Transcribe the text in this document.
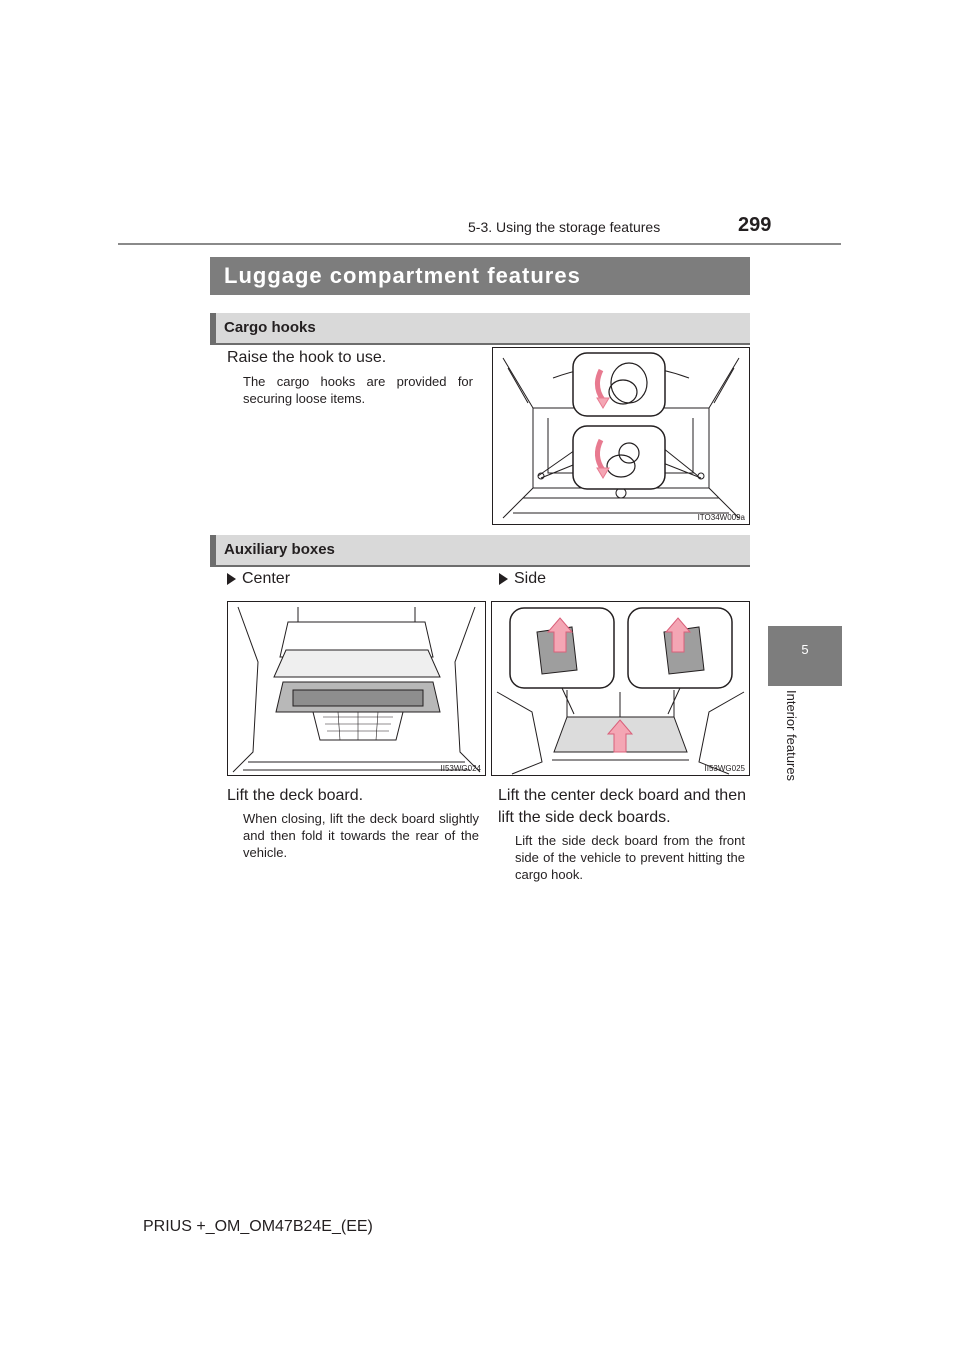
5-3. Using the storage features	299
5
Interior features
Luggage compartment features
Cargo hooks
Raise the hook to use.
The cargo hooks are provided for securing loose items.
ITO34W009a
Auxiliary boxes
Center	Side
II53WG024	II53WG025
Lift the deck board.
When closing, lift the deck board slightly and then fold it towards the rear of the vehicle.
Lift the center deck board and then lift the side deck boards.
Lift the side deck board from the front side of the vehicle to prevent hitting the cargo hook.
PRIUS +_OM_OM47B24E_(EE)
